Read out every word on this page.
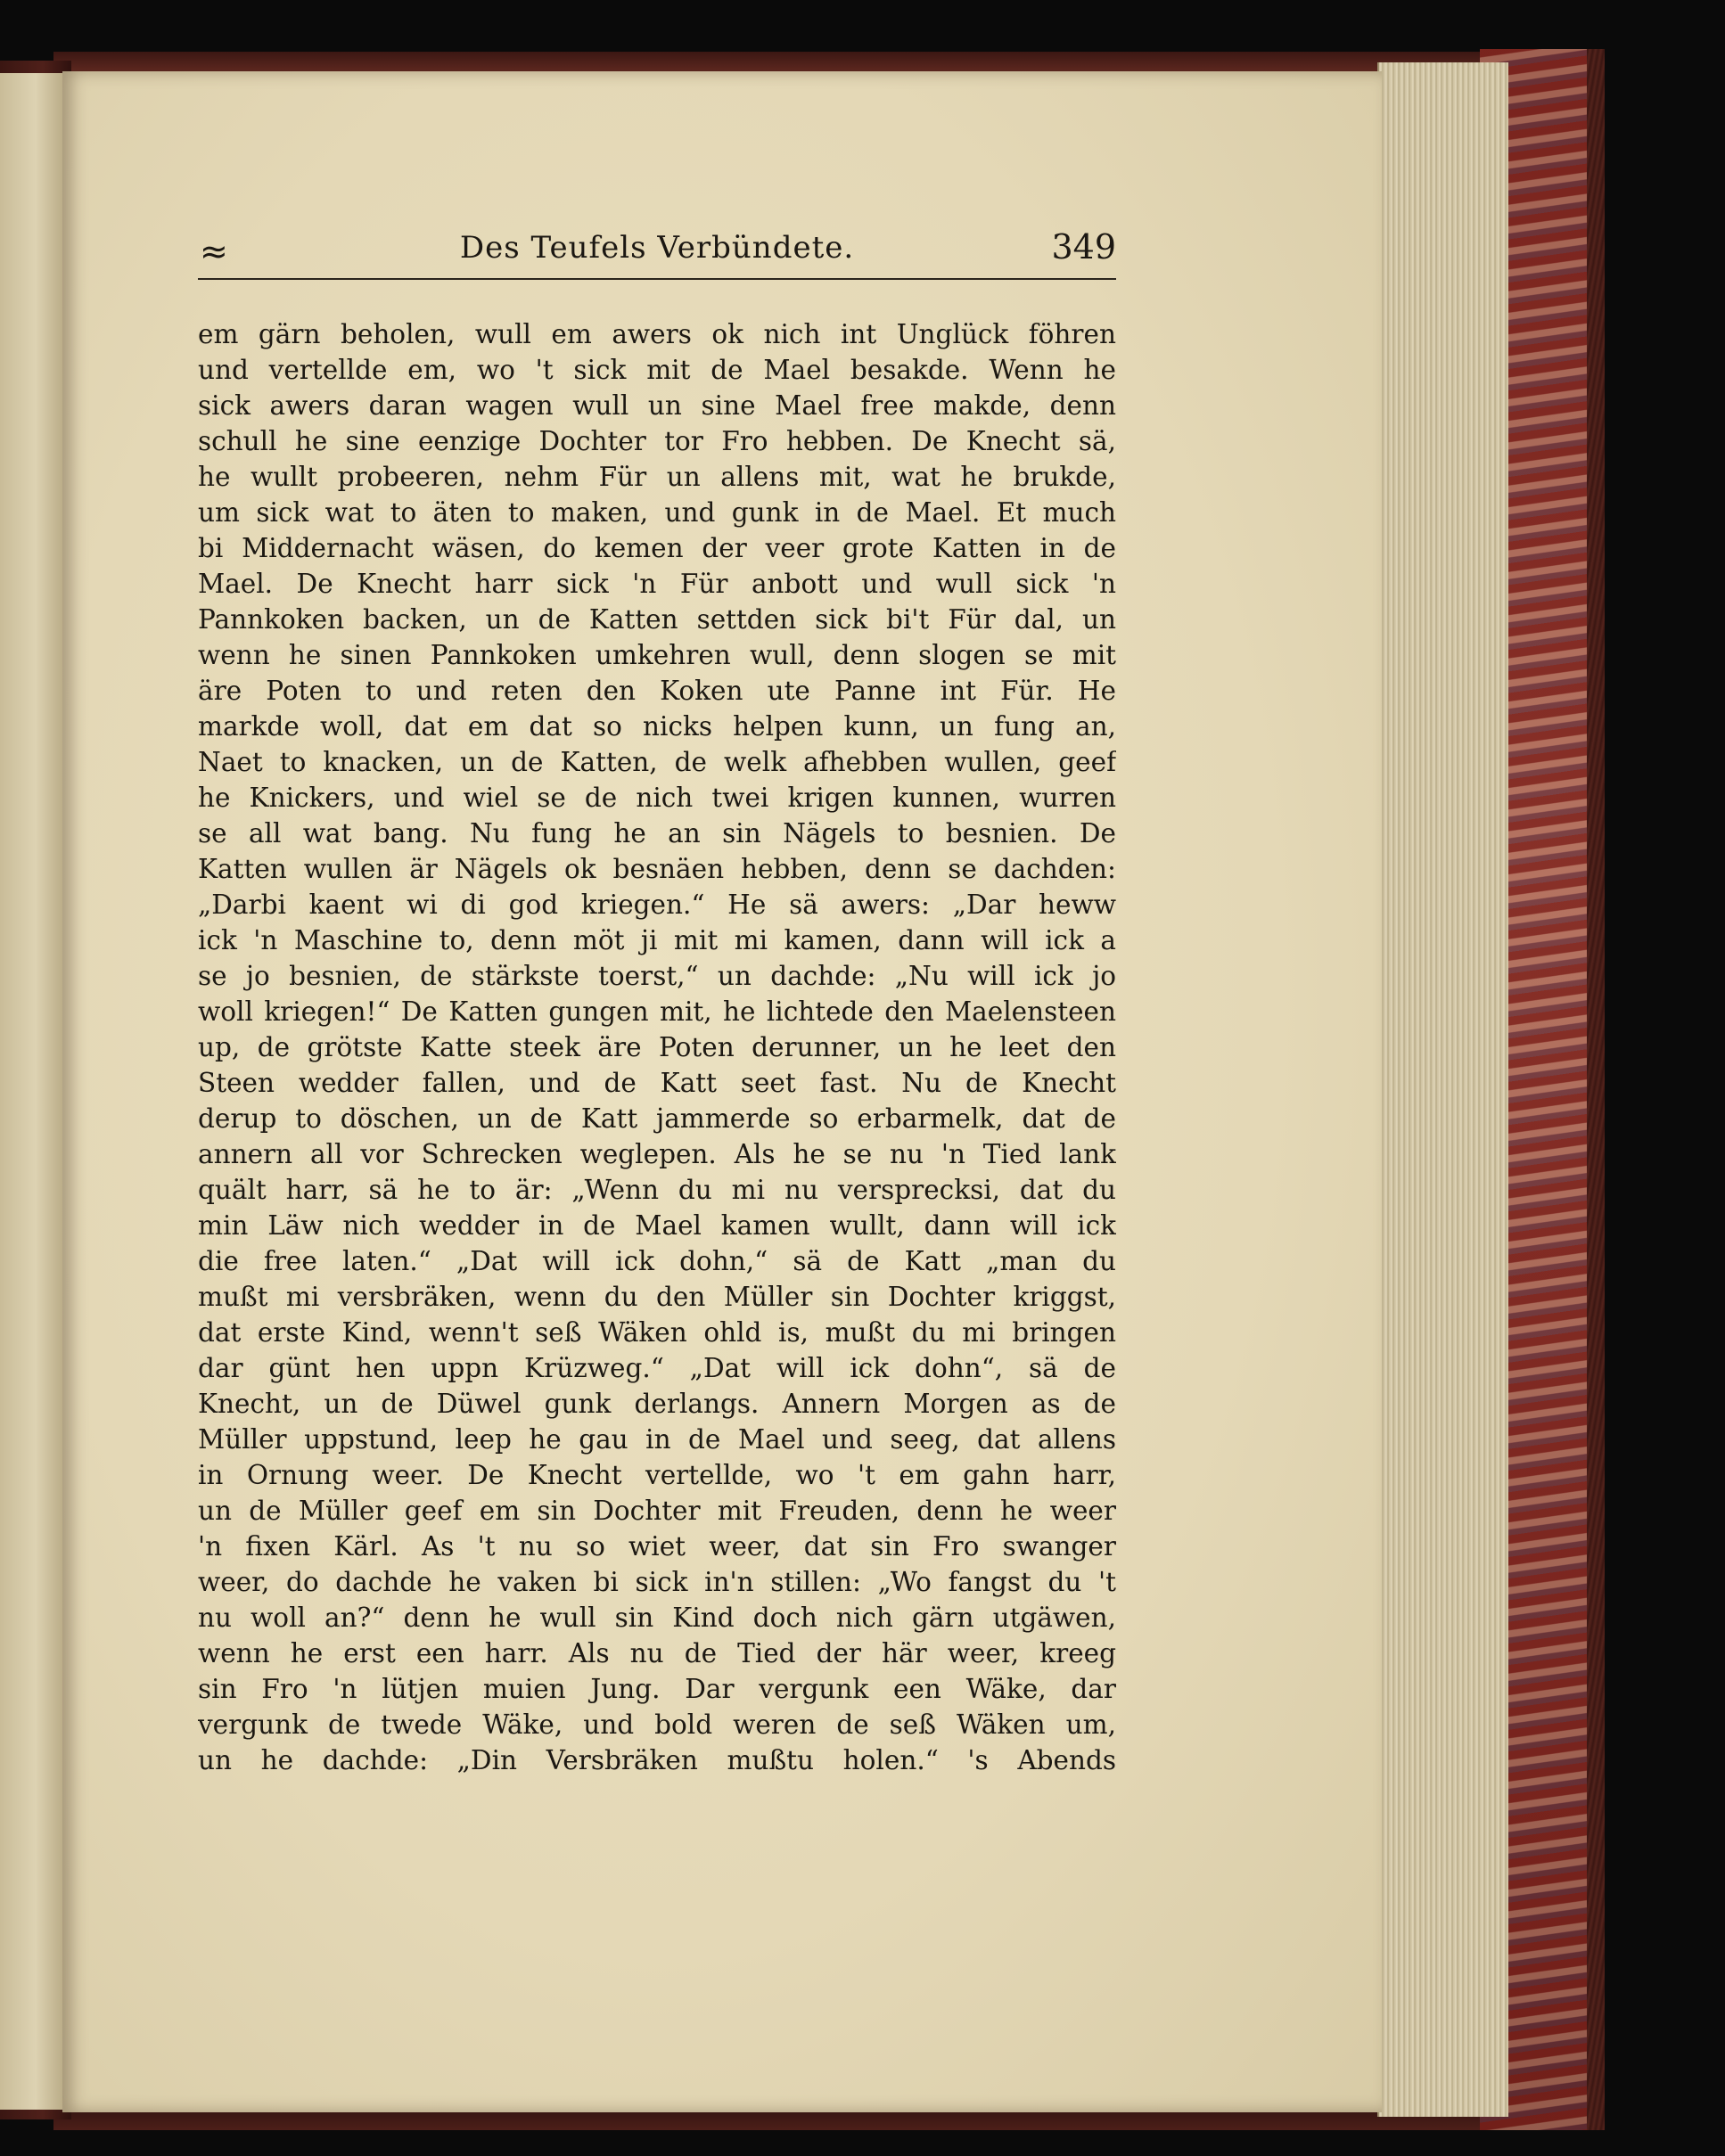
≈	Des Teufels Verbündete.	349
em gärn beholen, wull em awers ok nich int Unglück föhren
und vertellde em, wo 't sick mit de Mael besakde. Wenn he
sick awers daran wagen wull un sine Mael free makde, denn
schull he sine eenzige Dochter tor Fro hebben. De Knecht sä,
he wullt probeeren, nehm Für un allens mit, wat he brukde,
um sick wat to äten to maken, und gunk in de Mael. Et much
bi Middernacht wäsen, do kemen der veer grote Katten in de
Mael. De Knecht harr sick 'n Für anbott und wull sick 'n
Pannkoken backen, un de Katten settden sick bi't Für dal, un
wenn he sinen Pannkoken umkehren wull, denn slogen se mit
äre Poten to und reten den Koken ute Panne int Für. He
markde woll, dat em dat so nicks helpen kunn, un fung an,
Naet to knacken, un de Katten, de welk afhebben wullen, geef
he Knickers, und wiel se de nich twei krigen kunnen, wurren
se all wat bang. Nu fung he an sin Nägels to besnien. De
Katten wullen är Nägels ok besnäen hebben, denn se dachden:
„Darbi kaent wi di god kriegen.“ He sä awers: „Dar heww
ick 'n Maschine to, denn möt ji mit mi kamen, dann will ick a
se jo besnien, de stärkste toerst,“ un dachde: „Nu will ick jo
woll kriegen!“ De Katten gungen mit, he lichtede den Maelensteen
up, de grötste Katte steek äre Poten derunner, un he leet den
Steen wedder fallen, und de Katt seet fast. Nu de Knecht
derup to döschen, un de Katt jammerde so erbarmelk, dat de
annern all vor Schrecken weglepen. Als he se nu 'n Tied lank
quält harr, sä he to är: „Wenn du mi nu versprecksi, dat du
min Läw nich wedder in de Mael kamen wullt, dann will ick
die free laten.“ „Dat will ick dohn,“ sä de Katt „man du
mußt mi versbräken, wenn du den Müller sin Dochter kriggst,
dat erste Kind, wenn't seß Wäken ohld is, mußt du mi bringen
dar günt hen uppn Krüzweg.“ „Dat will ick dohn“, sä de
Knecht, un de Düwel gunk derlangs. Annern Morgen as de
Müller uppstund, leep he gau in de Mael und seeg, dat allens
in Ornung weer. De Knecht vertellde, wo 't em gahn harr,
un de Müller geef em sin Dochter mit Freuden, denn he weer
'n fixen Kärl. As 't nu so wiet weer, dat sin Fro swanger
weer, do dachde he vaken bi sick in'n stillen: „Wo fangst du 't
nu woll an?“ denn he wull sin Kind doch nich gärn utgäwen,
wenn he erst een harr. Als nu de Tied der här weer, kreeg
sin Fro 'n lütjen muien Jung. Dar vergunk een Wäke, dar
vergunk de twede Wäke, und bold weren de seß Wäken um,
un he dachde: „Din Versbräken mußtu holen.“ 's Abends
